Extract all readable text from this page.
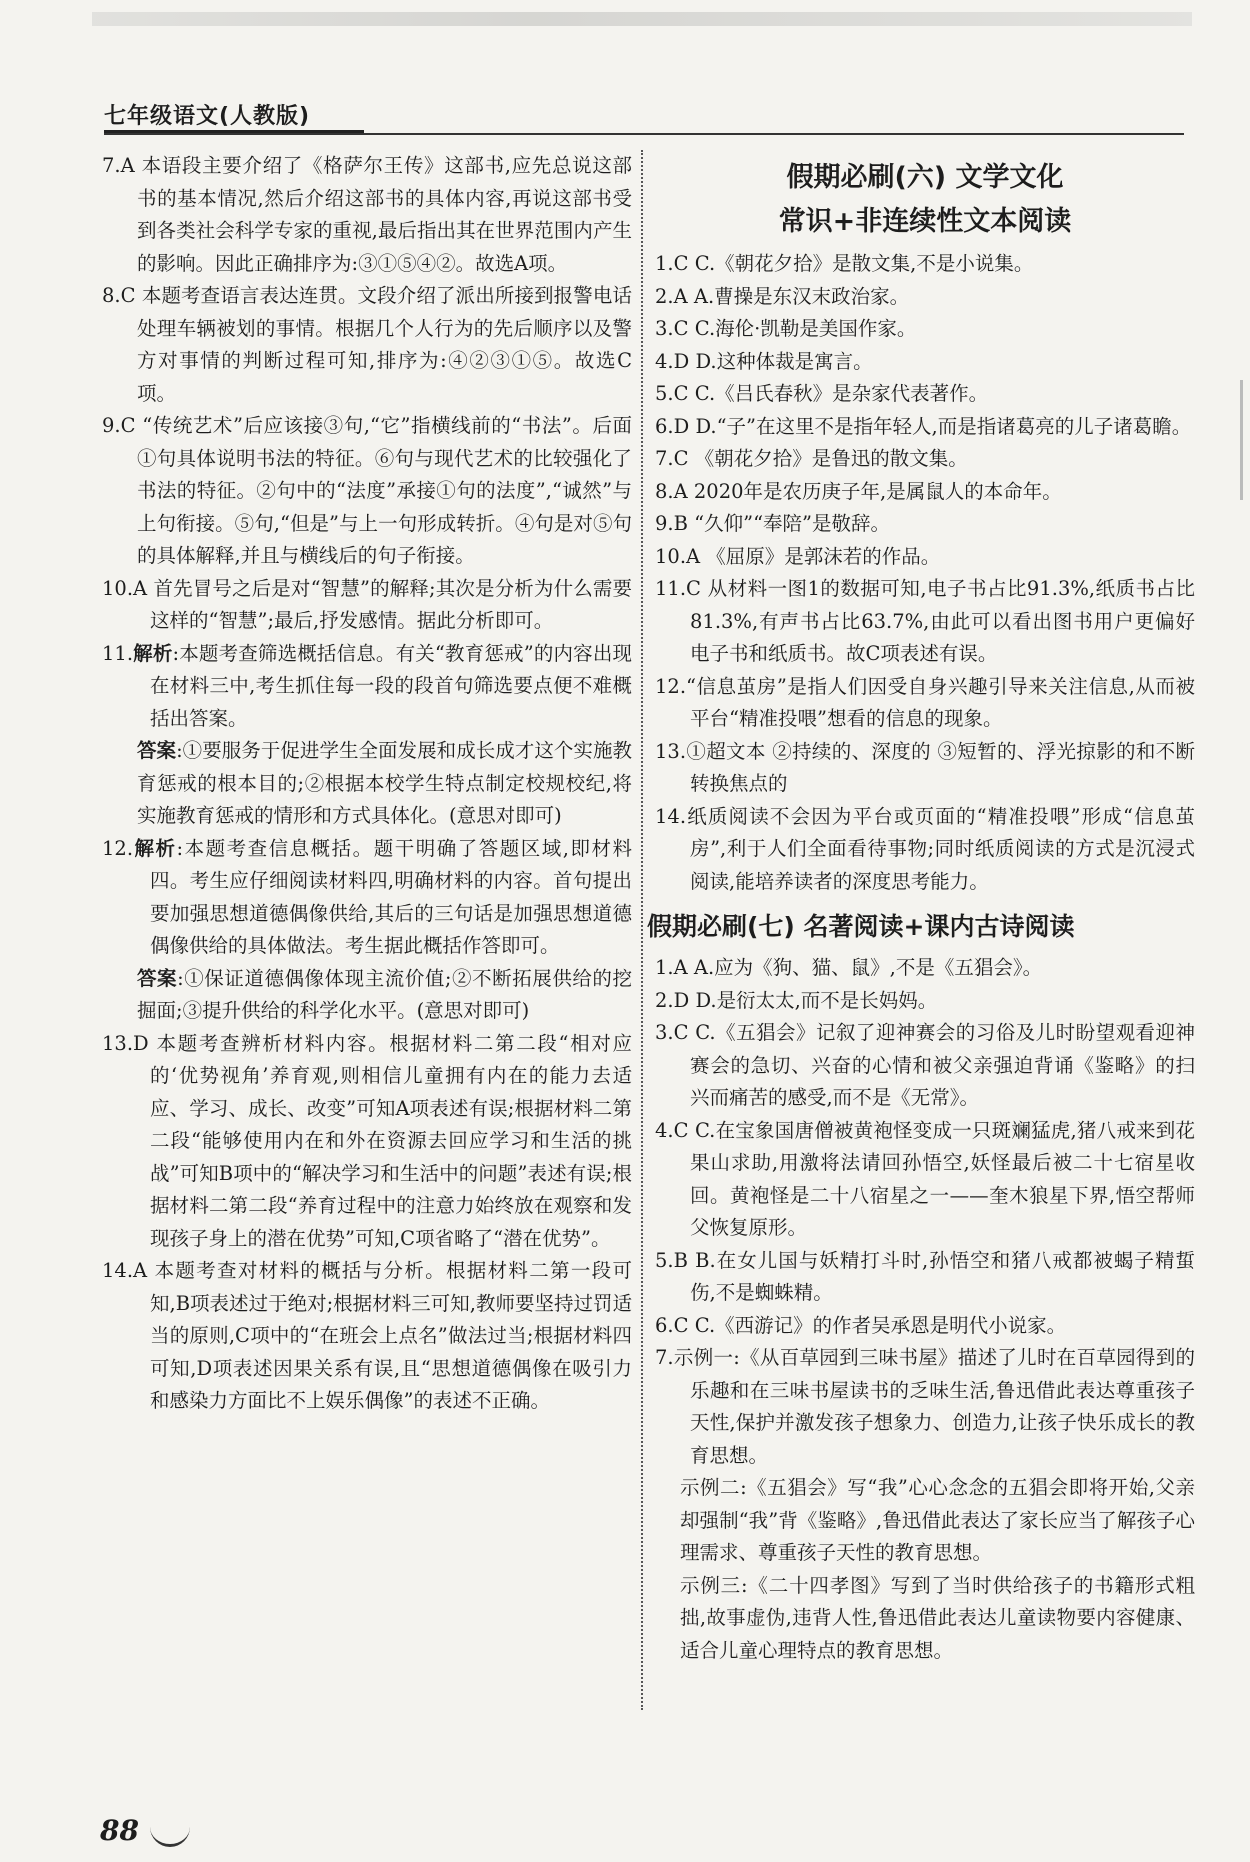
七年级语文(人教版)

7.A 本语段主要介绍了《格萨尔王传》这部书,应先总说这部书的基本情况,然后介绍这部书的具体内容,再说这部书受到各类社会科学专家的重视,最后指出其在世界范围内产生的影响。因此正确排序为:③①⑤④②。故选A项。

8.C 本题考查语言表达连贯。文段介绍了派出所接到报警电话处理车辆被划的事情。根据几个人行为的先后顺序以及警方对事情的判断过程可知,排序为:④②③①⑤。故选C项。

9.C “传统艺术”后应该接③句,“它”指横线前的“书法”。后面①句具体说明书法的特征。⑥句与现代艺术的比较强化了书法的特征。②句中的“法度”承接①句的法度”,“诚然”与上句衔接。⑤句,“但是”与上一句形成转折。④句是对⑤句的具体解释,并且与横线后的句子衔接。

10.A 首先冒号之后是对“智慧”的解释;其次是分析为什么需要这样的“智慧”;最后,抒发感情。据此分析即可。

11.解析:本题考查筛选概括信息。有关“教育惩戒”的内容出现在材料三中,考生抓住每一段的段首句筛选要点便不难概括出答案。

答案:①要服务于促进学生全面发展和成长成才这个实施教育惩戒的根本目的;②根据本校学生特点制定校规校纪,将实施教育惩戒的情形和方式具体化。(意思对即可)

12.解析:本题考查信息概括。题干明确了答题区域,即材料四。考生应仔细阅读材料四,明确材料的内容。首句提出要加强思想道德偶像供给,其后的三句话是加强思想道德偶像供给的具体做法。考生据此概括作答即可。

答案:①保证道德偶像体现主流价值;②不断拓展供给的挖掘面;③提升供给的科学化水平。(意思对即可)

13.D 本题考查辨析材料内容。根据材料二第二段“相对应的‘优势视角’养育观,则相信儿童拥有内在的能力去适应、学习、成长、改变”可知A项表述有误;根据材料二第二段“能够使用内在和外在资源去回应学习和生活的挑战”可知B项中的“解决学习和生活中的问题”表述有误;根据材料二第二段“养育过程中的注意力始终放在观察和发现孩子身上的潜在优势”可知,C项省略了“潜在优势”。

14.A 本题考查对材料的概括与分析。根据材料二第一段可知,B项表述过于绝对;根据材料三可知,教师要坚持过罚适当的原则,C项中的“在班会上点名”做法过当;根据材料四可知,D项表述因果关系有误,且“思想道德偶像在吸引力和感染力方面比不上娱乐偶像”的表述不正确。

假期必刷(六) 文学文化
常识+非连续性文本阅读

1.C C.《朝花夕拾》是散文集,不是小说集。

2.A A.曹操是东汉末政治家。

3.C C.海伦·凯勒是美国作家。

4.D D.这种体裁是寓言。

5.C C.《吕氏春秋》是杂家代表著作。

6.D D.“子”在这里不是指年轻人,而是指诸葛亮的儿子诸葛瞻。

7.C 《朝花夕拾》是鲁迅的散文集。

8.A 2020年是农历庚子年,是属鼠人的本命年。

9.B “久仰”“奉陪”是敬辞。

10.A 《屈原》是郭沫若的作品。

11.C 从材料一图1的数据可知,电子书占比91.3%,纸质书占比81.3%,有声书占比63.7%,由此可以看出图书用户更偏好电子书和纸质书。故C项表述有误。

12.“信息茧房”是指人们因受自身兴趣引导来关注信息,从而被平台“精准投喂”想看的信息的现象。

13.①超文本 ②持续的、深度的 ③短暂的、浮光掠影的和不断转换焦点的

14.纸质阅读不会因为平台或页面的“精准投喂”形成“信息茧房”,利于人们全面看待事物;同时纸质阅读的方式是沉浸式阅读,能培养读者的深度思考能力。

假期必刷(七) 名著阅读+课内古诗阅读

1.A A.应为《狗、猫、鼠》,不是《五猖会》。

2.D D.是衍太太,而不是长妈妈。

3.C C.《五猖会》记叙了迎神赛会的习俗及儿时盼望观看迎神赛会的急切、兴奋的心情和被父亲强迫背诵《鉴略》的扫兴而痛苦的感受,而不是《无常》。

4.C C.在宝象国唐僧被黄袍怪变成一只斑斓猛虎,猪八戒来到花果山求助,用激将法请回孙悟空,妖怪最后被二十七宿星收回。黄袍怪是二十八宿星之一——奎木狼星下界,悟空帮师父恢复原形。

5.B B.在女儿国与妖精打斗时,孙悟空和猪八戒都被蝎子精蜇伤,不是蜘蛛精。

6.C C.《西游记》的作者吴承恩是明代小说家。

7.示例一:《从百草园到三味书屋》描述了儿时在百草园得到的乐趣和在三味书屋读书的乏味生活,鲁迅借此表达尊重孩子天性,保护并激发孩子想象力、创造力,让孩子快乐成长的教育思想。

示例二:《五猖会》写“我”心心念念的五猖会即将开始,父亲却强制“我”背《鉴略》,鲁迅借此表达了家长应当了解孩子心理需求、尊重孩子天性的教育思想。

示例三:《二十四孝图》写到了当时供给孩子的书籍形式粗拙,故事虚伪,违背人性,鲁迅借此表达儿童读物要内容健康、适合儿童心理特点的教育思想。

88
